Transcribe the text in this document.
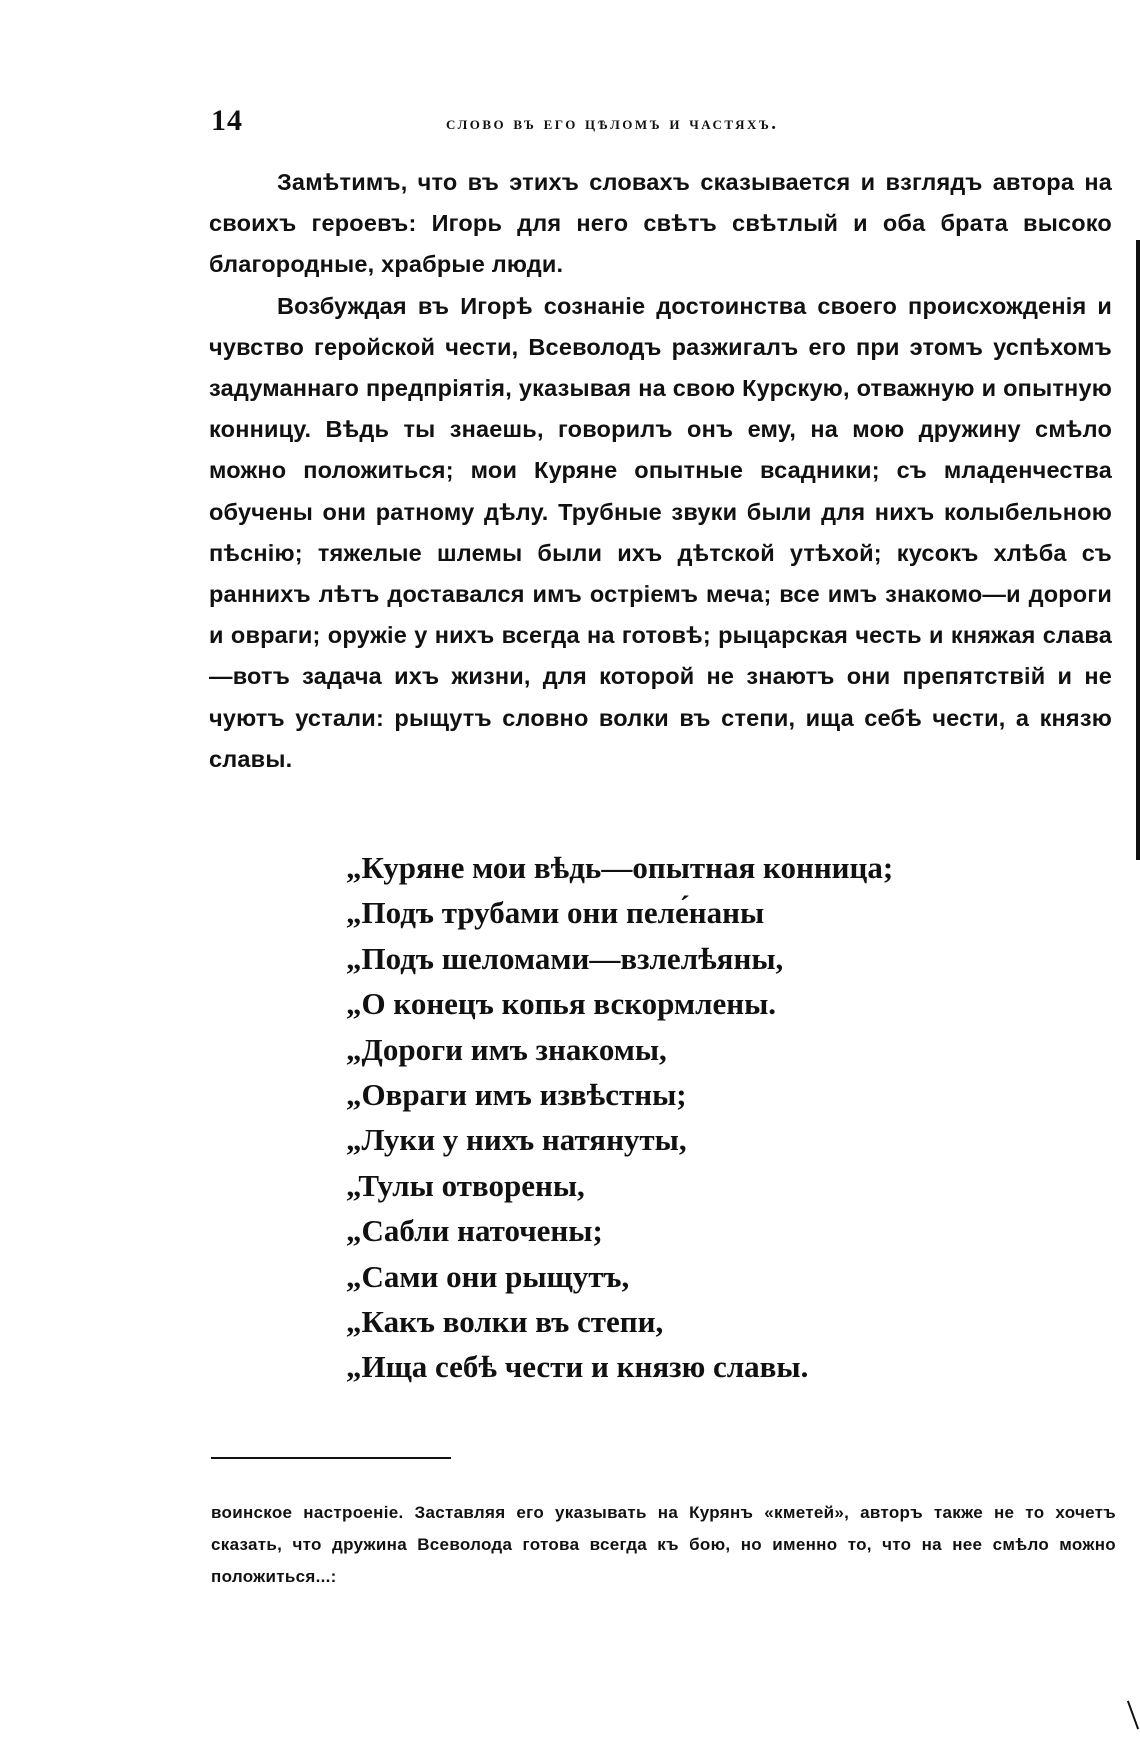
14	слово въ его цѣломъ и частяхъ.

Замѣтимъ, что въ этихъ словахъ сказывается и взглядъ автора на своихъ героевъ: Игорь для него свѣтъ свѣтлый и оба брата высоко благородные, храбрые люди.

Возбуждая въ Игорѣ сознаніе достоинства своего происхожденія и чувство геройской чести, Всеволодъ разжигалъ его при этомъ успѣхомъ задуманнаго предпріятія, указывая на свою Курскую, отважную и опытную конницу. Вѣдь ты знаешь, говорилъ онъ ему, на мою дружину смѣло можно положиться; мои Куряне опытные всадники; съ младенчества обучены они ратному дѣлу. Трубные звуки были для нихъ колыбельною пѣснію; тяжелые шлемы были ихъ дѣтской утѣхой; кусокъ хлѣба съ раннихъ лѣтъ доставался имъ остріемъ меча; все имъ знакомо—и дороги и овраги; оружіе у нихъ всегда на готовѣ; рыцарская честь и княжая слава—вотъ задача ихъ жизни, для которой не знаютъ они препятствій и не чуютъ устали: рыщутъ словно волки въ степи, ища себѣ чести, а князю славы.

„Куряне мои вѣдь—опытная конница;
„Подъ трубами они пеле́наны
„Подъ шеломами—взлелѣяны,
„О конецъ копья вскормлены.
„Дороги имъ знакомы,
„Овраги имъ извѣстны;
„Луки у нихъ натянуты,
„Тулы отворены,
„Сабли наточены;
„Сами они рыщутъ,
„Какъ волки въ степи,
„Ища себѣ чести и князю славы.

воинское настроеніе. Заставляя его указывать на Курянъ «кметей», авторъ также не то хочетъ сказать, что дружина Всеволода готова всегда къ бою, но именно то, что на нее смѣло можно положиться...:
